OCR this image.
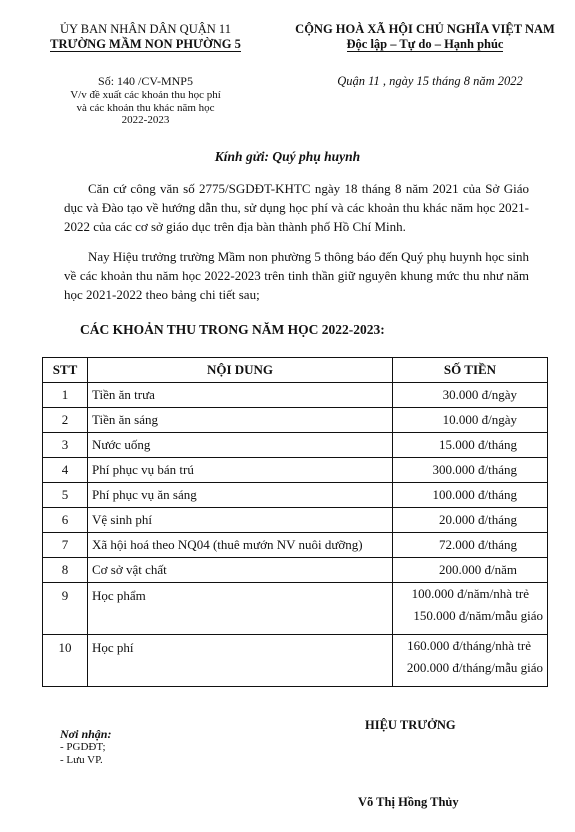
ỦY BAN NHÂN DÂN QUẬN 11
TRƯỜNG MẦM NON PHƯỜNG 5
CỘNG HOÀ XÃ HỘI CHỦ NGHĨA VIỆT NAM
Độc lập – Tự do – Hạnh phúc
Số: 140 /CV-MNP5
V/v đề xuất các khoản thu học phí
và các khoản thu khác năm học
2022-2023
Quận 11 , ngày 15 tháng 8 năm 2022
Kính gửi: Quý phụ huynh

Căn cứ công văn số 2775/SGDĐT-KHTC ngày 18 tháng 8 năm 2021 của Sở Giáo dục và Đào tạo về hướng dẫn thu, sử dụng học phí và các khoản thu khác năm học 2021-2022 của các cơ sở giáo dục trên địa bàn thành phố Hồ Chí Minh.

Nay Hiệu trưởng trường Mầm non phường 5 thông báo đến Quý phụ huynh học sinh về các khoản thu năm học 2022-2023 trên tinh thần giữ nguyên khung mức thu như năm học 2021-2022 theo bảng chi tiết sau;

CÁC KHOẢN THU TRONG NĂM HỌC 2022-2023:
STT	NỘI DUNG	SỐ TIỀN
1	Tiền ăn trưa	30.000 đ/ngày
2	Tiền ăn sáng	10.000 đ/ngày
3	Nước uống	15.000 đ/tháng
4	Phí phục vụ bán trú	300.000 đ/tháng
5	Phí phục vụ ăn sáng	100.000 đ/tháng
6	Vệ sinh phí	20.000 đ/tháng
7	Xã hội hoá theo NQ04 (thuê mướn NV nuôi dưỡng)	72.000 đ/tháng
8	Cơ sở vật chất	200.000 đ/năm
9	Học phẩm	100.000 đ/năm/nhà trẻ
150.000 đ/năm/mẫu giáo

10	Học phí	160.000 đ/tháng/nhà trẻ
200.000 đ/tháng/mẫu giáo
Nơi nhận:
- PGDĐT;
- Lưu VP.
HIỆU TRƯỞNG
Võ Thị Hồng Thủy
